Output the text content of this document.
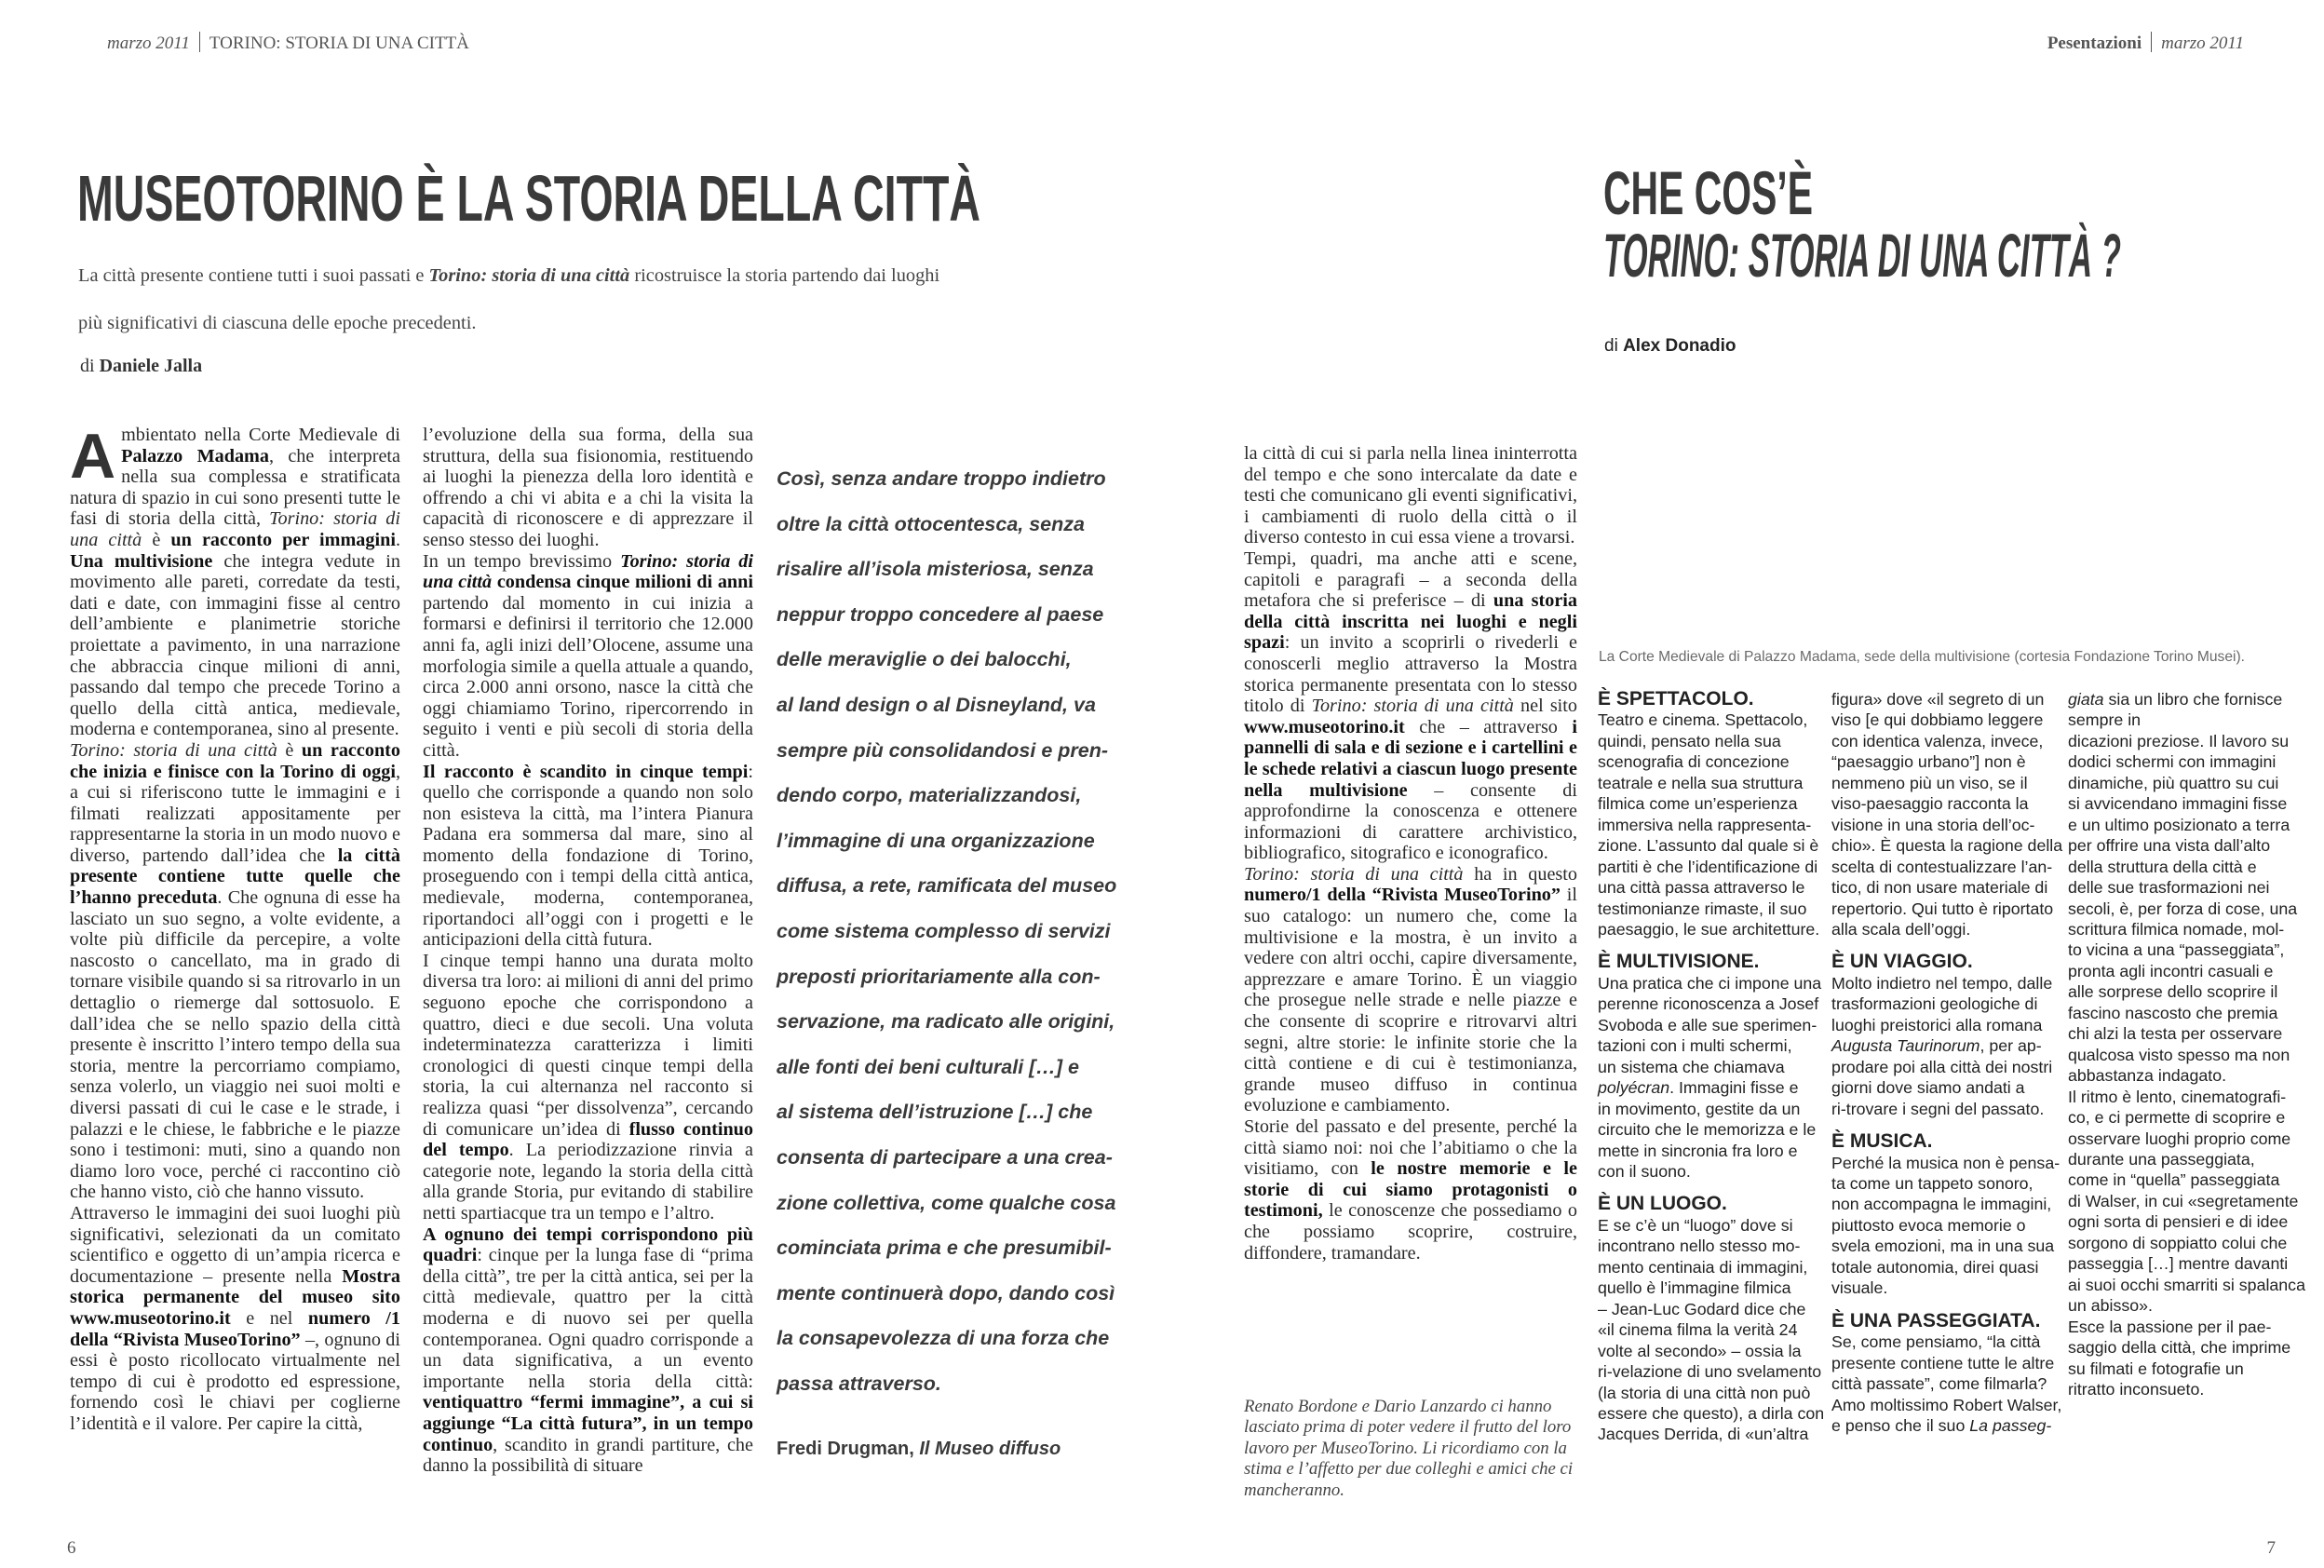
marzo 2011 TORINO: STORIA DI UNA CITTÀ	Pesentazioni marzo 2011
MUSEOTORINO È LA STORIA DELLA CITTÀ
La città presente contiene tutti i suoi passati e Torino: storia di una città ricostruisce la storia partendo dai luoghi
più significativi di ciascuna delle epoche precedenti.
di Daniele Jalla
Ambientato nella Corte Medievale di Palazzo Madama, che interpreta nella sua complessa e stratificata natura di spazio in cui sono presenti tutte le fasi di storia della città, Torino: storia di una città è un racconto per immagini. Una multivisione che integra vedute in movimento alle pareti, corredate da testi, dati e date, con immagini fisse al centro dell’ambiente e planimetrie storiche proiettate a pavimento, in una narrazione che abbraccia cinque milioni di anni, passando dal tempo che precede Torino a quello della città antica, medievale, moderna e contemporanea, sino al presente.
Torino: storia di una città è un racconto che inizia e finisce con la Torino di oggi, a cui si riferiscono tutte le immagini e i filmati realizzati appositamente per rappresentarne la storia in un modo nuovo e diverso, partendo dall’idea che la città presente contiene tutte quelle che l’hanno preceduta. Che ognuna di esse ha lasciato un suo segno, a volte evidente, a volte più difficile da percepire, a volte nascosto o cancellato, ma in grado di tornare visibile quando si sa ritrovarlo in un dettaglio o riemerge dal sottosuolo. E dall’idea che se nello spazio della città presente è inscritto l’intero tempo della sua storia, mentre la percorriamo compiamo, senza volerlo, un viaggio nei suoi molti e diversi passati di cui le case e le strade, i palazzi e le chiese, le fabbriche e le piazze sono i testimoni: muti, sino a quando non diamo loro voce, perché ci raccontino ciò che hanno visto, ciò che hanno vissuto.
Attraverso le immagini dei suoi luoghi più significativi, selezionati da un comitato scientifico e oggetto di un’ampia ricerca e documentazione – presente nella Mostra storica permanente del museo sito www.museotorino.it e nel numero /1 della “Rivista MuseoTorino” –, ognuno di essi è posto ricollocato virtualmente nel tempo di cui è prodotto ed espressione, fornendo così le chiavi per coglierne l’identità e il valore. Per capire la città,
l’evoluzione della sua forma, della sua struttura, della sua fisionomia, restituendo ai luoghi la pienezza della loro identità e offrendo a chi vi abita e a chi la visita la capacità di riconoscere e di apprezzare il senso stesso dei luoghi.
In un tempo brevissimo Torino: storia di una città condensa cinque milioni di anni partendo dal momento in cui inizia a formarsi e definirsi il territorio che 12.000 anni fa, agli inizi dell’Olocene, assume una morfologia simile a quella attuale a quando, circa 2.000 anni orsono, nasce la città che oggi chiamiamo Torino, ripercorrendo in seguito i venti e più secoli di storia della città.
Il racconto è scandito in cinque tempi: quello che corrisponde a quando non solo non esisteva la città, ma l’intera Pianura Padana era sommersa dal mare, sino al momento della fondazione di Torino, proseguendo con i tempi della città antica, medievale, moderna, contemporanea, riportandoci all’oggi con i progetti e le anticipazioni della città futura.
I cinque tempi hanno una durata molto diversa tra loro: ai milioni di anni del primo seguono epoche che corrispondono a quattro, dieci e due secoli. Una voluta indeterminatezza caratterizza i limiti cronologici di questi cinque tempi della storia, la cui alternanza nel racconto si realizza quasi “per dissolvenza”, cercando di comunicare un’idea di flusso continuo del tempo. La periodizzazione rinvia a categorie note, legando la storia della città alla grande Storia, pur evitando di stabilire netti spartiacque tra un tempo e l’altro.
A ognuno dei tempi corrispondono più quadri: cinque per la lunga fase di “prima della città”, tre per la città antica, sei per la città medievale, quattro per la città moderna e di nuovo sei per quella contemporanea. Ogni quadro corrisponde a un data significativa, a un evento importante nella storia della città: ventiquattro “fermi immagine”, a cui si aggiunge “La città futura”, in un tempo continuo, scandito in grandi partiture, che danno la possibilità di situare
Così, senza andare troppo indietro
oltre la città ottocentesca, senza
risalire all’isola misteriosa, senza
neppur troppo concedere al paese
delle meraviglie o dei balocchi,
al land design o al Disneyland, va
sempre più consolidandosi e pren-
dendo corpo, materializzandosi,
l’immagine di una organizzazione
diffusa, a rete, ramificata del museo
come sistema complesso di servizi
preposti prioritariamente alla con-
servazione, ma radicato alle origini,
alle fonti dei beni culturali […] e
al sistema dell’istruzione […] che
consenta di partecipare a una crea-
zione collettiva, come qualche cosa
cominciata prima e che presumibil-
mente continuerà dopo, dando così
la consapevolezza di una forza che
passa attraverso.
Fredi Drugman, Il Museo diffuso
la città di cui si parla nella linea ininterrotta del tempo e che sono intercalate da date e testi che comunicano gli eventi significativi, i cambiamenti di ruolo della città o il diverso contesto in cui essa viene a trovarsi.
Tempi, quadri, ma anche atti e scene, capitoli e paragrafi – a seconda della metafora che si preferisce – di una storia della città inscritta nei luoghi e negli spazi: un invito a scoprirli o rivederli e conoscerli meglio attraverso la Mostra storica permanente presentata con lo stesso titolo di Torino: storia di una città nel sito www.museotorino.it che – attraverso i pannelli di sala e di sezione e i cartellini e le schede relativi a ciascun luogo presente nella multivisione – consente di approfondirne la conoscenza e ottenere informazioni di carattere archivistico, bibliografico, sitografico e iconografico.
Torino: storia di una città ha in questo numero/1 della “Rivista MuseoTorino” il suo catalogo: un numero che, come la multivisione e la mostra, è un invito a vedere con altri occhi, capire diversamente, apprezzare e amare Torino. È un viaggio che prosegue nelle strade e nelle piazze e che consente di scoprire e ritrovarvi altri segni, altre storie: le infinite storie che la città contiene e di cui è testimonianza, grande museo diffuso in continua evoluzione e cambiamento.
Storie del passato e del presente, perché la città siamo noi: noi che l’abitiamo o che la visitiamo, con le nostre memorie e le storie di cui siamo protagonisti o testimoni, le conoscenze che possediamo o che possiamo scoprire, costruire, diffondere, tramandare.
Renato Bordone e Dario Lanzardo ci hanno lasciato prima di poter vedere il frutto del loro lavoro per MuseoTorino. Li ricordiamo con la stima e l’affetto per due colleghi e amici che ci mancheranno.
6	7
CHE COS’È
TORINO: STORIA DI UNA CITTÀ ?
di Alex Donadio
La Corte Medievale di Palazzo Madama, sede della multivisione (cortesia Fondazione Torino Musei).
È SPETTACOLO.
Teatro e cinema. Spettacolo,
quindi, pensato nella sua
scenografia di concezione
teatrale e nella sua struttura
filmica come un’esperienza
immersiva nella rappresenta-
zione. L’assunto dal quale si è
partiti è che l’identificazione di
una città passa attraverso le
testimonianze rimaste, il suo
paesaggio, le sue architetture.
È MULTIVISIONE.
Una pratica che ci impone una
perenne riconoscenza a Josef
Svoboda e alle sue sperimen-
tazioni con i multi schermi,
un sistema che chiamava
polyécran. Immagini fisse e
in movimento, gestite da un
circuito che le memorizza e le
mette in sincronia fra loro e
con il suono.
È UN LUOGO.
E se c’è un “luogo” dove si
incontrano nello stesso mo-
mento centinaia di immagini,
quello è l’immagine filmica
– Jean-Luc Godard dice che
«il cinema filma la verità 24
volte al secondo» – ossia la
ri-velazione di uno svelamento
(la storia di una città non può
essere che questo), a dirla con
Jacques Derrida, di «un’altra
figura» dove «il segreto di un
viso [e qui dobbiamo leggere
con identica valenza, invece,
“paesaggio urbano”] non è
nemmeno più un viso, se il
viso-paesaggio racconta la
visione in una storia dell’oc-
chio». È questa la ragione della
scelta di contestualizzare l’an-
tico, di non usare materiale di
repertorio. Qui tutto è riportato
alla scala dell’oggi.
È UN VIAGGIO.
Molto indietro nel tempo, dalle
trasformazioni geologiche di
luoghi preistorici alla romana
Augusta Taurinorum, per ap-
prodare poi alla città dei nostri
giorni dove siamo andati a
ri-trovare i segni del passato.
È MUSICA.
Perché la musica non è pensa-
ta come un tappeto sonoro,
non accompagna le immagini,
piuttosto evoca memorie o
svela emozioni, ma in una sua
totale autonomia, direi quasi
visuale.
È UNA PASSEGGIATA.
Se, come pensiamo, “la città
presente contiene tutte le altre
città passate”, come filmarla?
Amo moltissimo Robert Walser,
e penso che il suo La passeg-
giata sia un libro che fornisce
sempre in
dicazioni preziose. Il lavoro su
dodici schermi con immagini
dinamiche, più quattro su cui
si avvicendano immagini fisse
e un ultimo posizionato a terra
per offrire una vista dall’alto
della struttura della città e
delle sue trasformazioni nei
secoli, è, per forza di cose, una
scrittura filmica nomade, mol-
to vicina a una “passeggiata”,
pronta agli incontri casuali e
alle sorprese dello scoprire il
fascino nascosto che premia
chi alzi la testa per osservare
qualcosa visto spesso ma non
abbastanza indagato.
Il ritmo è lento, cinematografi-
co, e ci permette di scoprire e
osservare luoghi proprio come
durante una passeggiata,
come in “quella” passeggiata
di Walser, in cui «segretamente
ogni sorta di pensieri e di idee
sorgono di soppiatto colui che
passeggia […] mentre davanti
ai suoi occhi smarriti si spalanca
un abisso».
Esce la passione per il pae-
saggio della città, che imprime
su filmati e fotografie un
ritratto inconsueto.
